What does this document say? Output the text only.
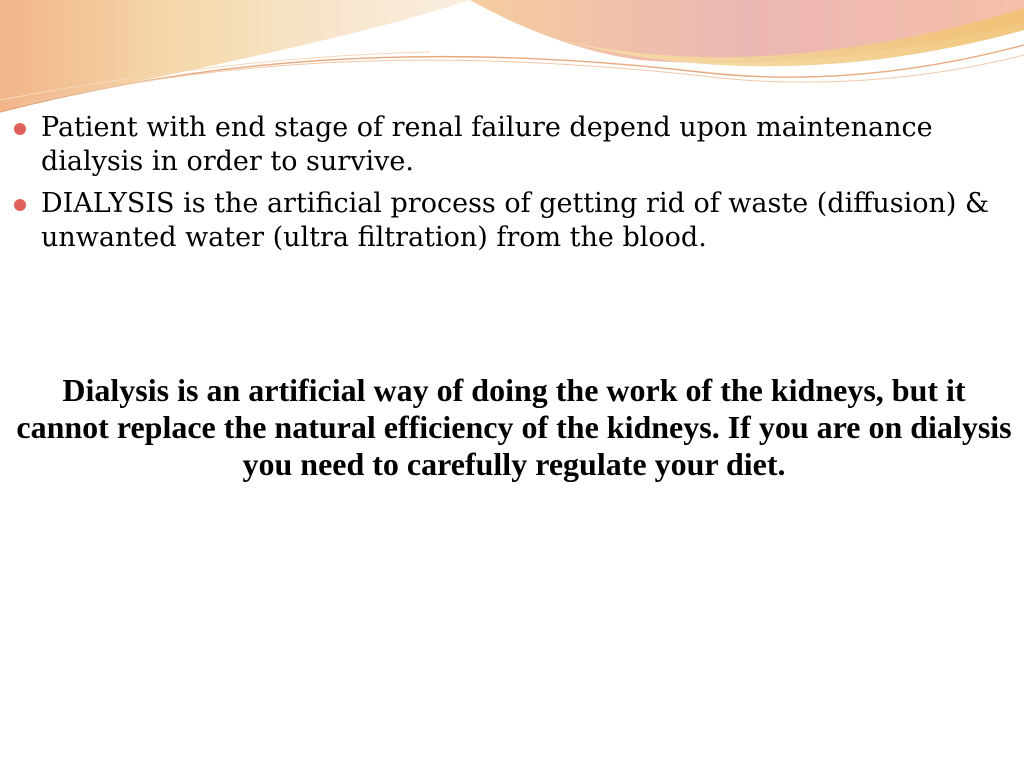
Patient with end stage of renal failure depend upon maintenance dialysis in order to survive.
DIALYSIS is the artificial process of getting rid of waste (diffusion) & unwanted water (ultra filtration) from the blood.

Dialysis is an artificial way of doing the work of the kidneys, but it cannot replace the natural efficiency of the kidneys. If you are on dialysis you need to carefully regulate your diet.
